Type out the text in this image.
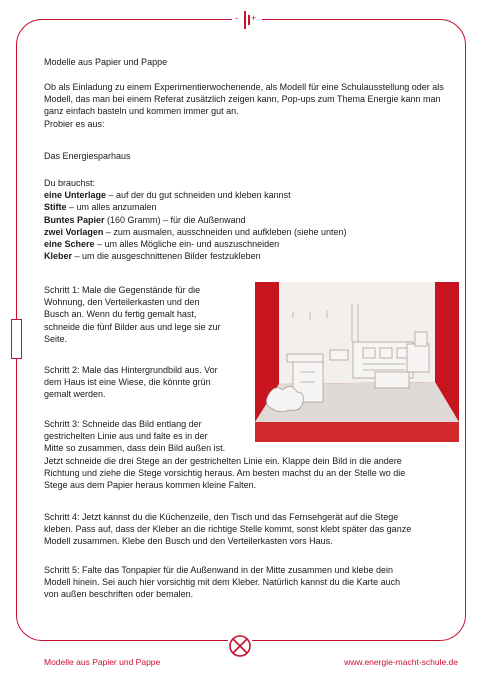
- +

Modelle aus Papier und Pappe

Ob als Einladung zu einem Experimentierwochenende, als Modell für eine Schulausstellung oder als Modell, das man bei einem Referat zusätzlich zeigen kann, Pop-ups zum Thema Energie kann man ganz einfach basteln und kommen immer gut an.

Probier es aus:

Das Energiesparhaus

Du brauchst:

eine Unterlage – auf der du gut schneiden und kleben kannst

Stifte – um alles anzumalen

Buntes Papier (160 Gramm) – für die Außenwand

zwei Vorlagen – zum ausmalen, ausschneiden und aufkleben (siehe unten)

eine Schere – um alles Mögliche ein- und auszuschneiden

Kleber – um die ausgeschnittenen Bilder festzukleben

Schritt 1: Male die Gegenstände für die

Wohnung, den Verteilerkasten und den

Busch an. Wenn du fertig gemalt hast,

schneide die fünf Bilder aus und lege sie zur

Seite.

Schritt 2: Male das Hintergrundbild aus. Vor

dem Haus ist eine Wiese, die könnte grün

gemalt werden.

Schritt 3: Schneide das Bild entlang der

gestrichelten Linie aus und falte es in der

Mitte so zusammen, dass dein Bild außen ist.

Jetzt schneide die drei Stege an der gestrichelten Linie ein. Klappe dein Bild in die andere

Richtung und ziehe die Stege vorsichtig heraus. Am besten machst du an der Stelle wo die

Stege aus dem Papier heraus kommen kleine Falten.

Schritt 4: Jetzt kannst du die Küchenzeile, den Tisch und das Fernsehgerät auf die Stege

kleben. Pass auf, dass der Kleber an die richtige Stelle kommt, sonst klebt später das ganze

Modell zusammen. Klebe den Busch und den Verteilerkasten vors Haus.

Schritt 5: Falte das Tonpapier für die Außenwand in der Mitte zusammen und klebe dein

Modell hinein. Sei auch hier vorsichtig mit dem Kleber. Natürlich kannst du die Karte auch

von außen beschriften oder bemalen.

Modelle aus Papier und Pappe	www.energie-macht-schule.de
